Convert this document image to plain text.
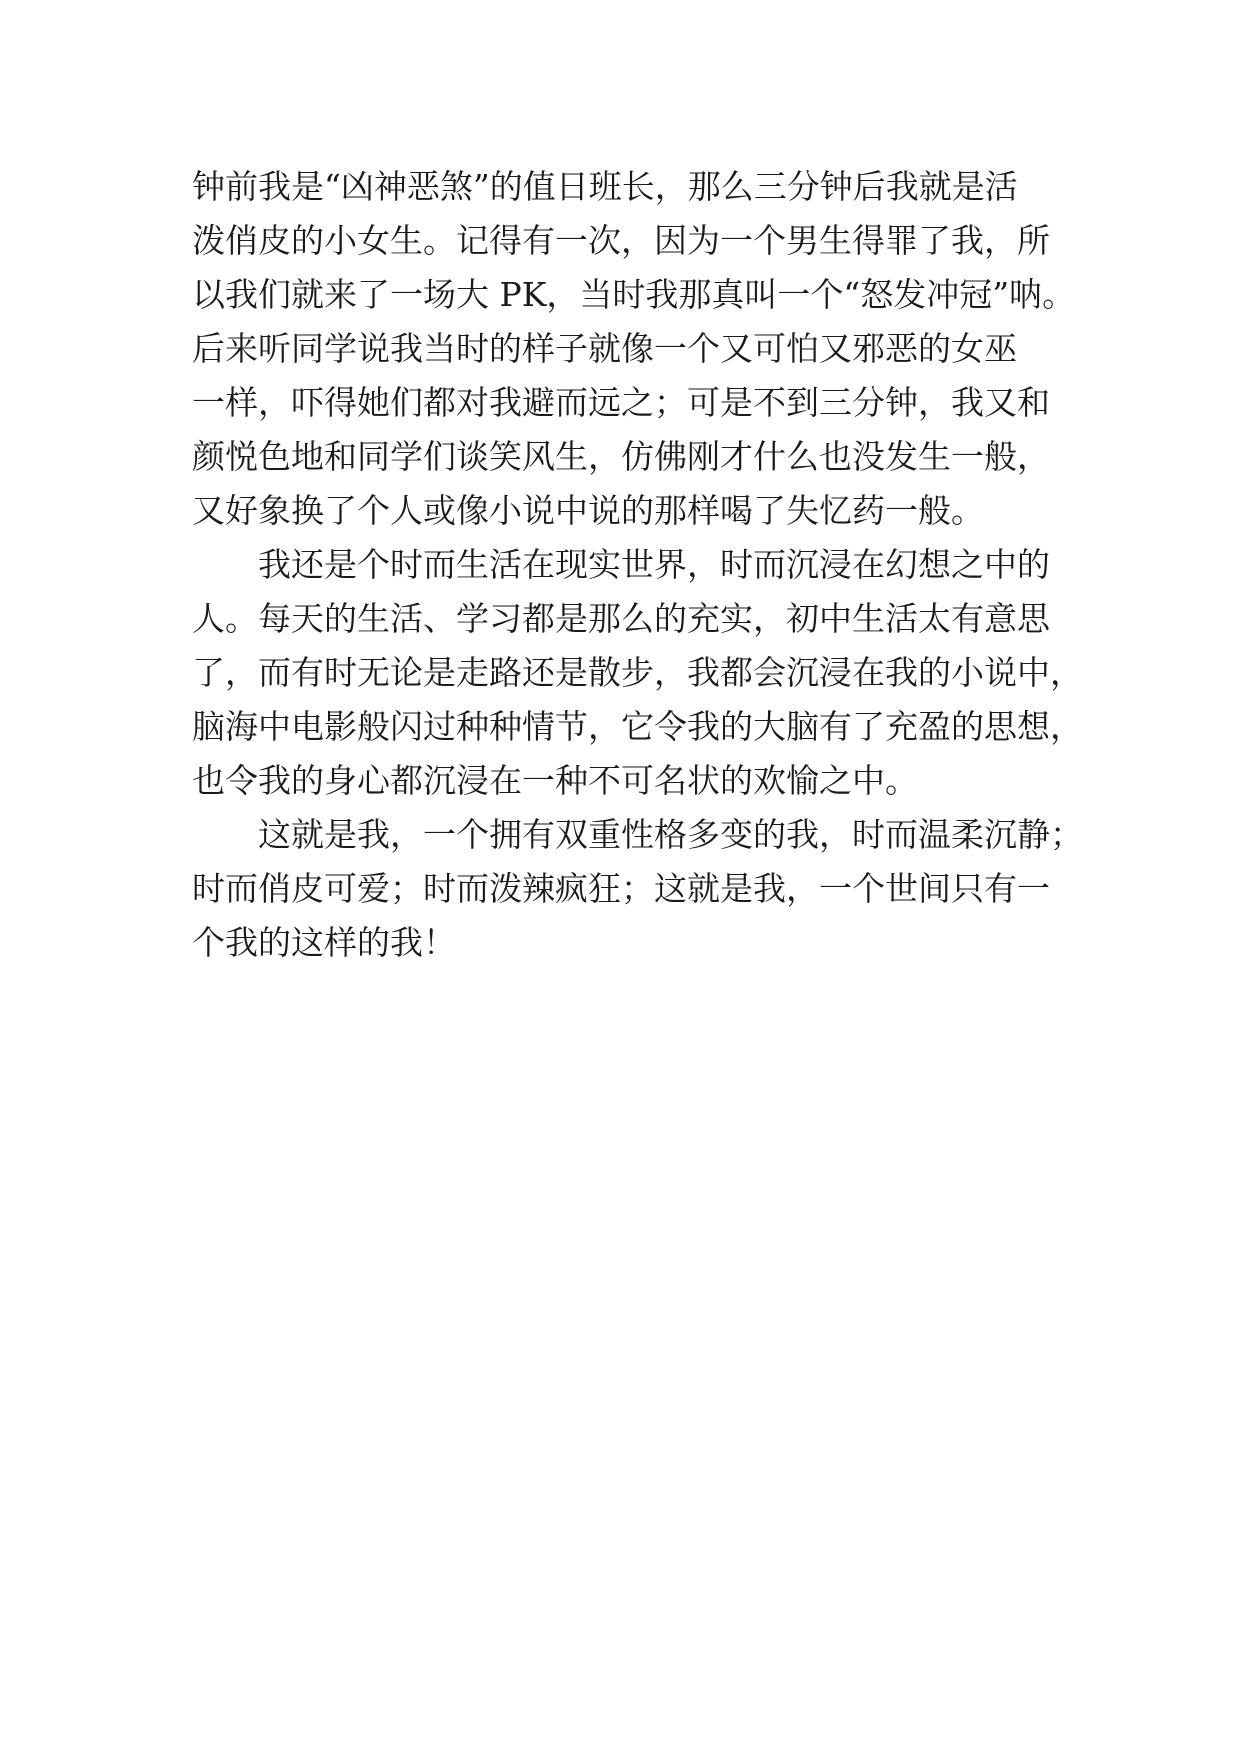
钟前我是“凶神恶煞”的值日班长，那么三分钟后我就是活
泼俏皮的小女生。记得有一次，因为一个男生得罪了我，所
以我们就来了一场大 PK，当时我那真叫一个“怒发冲冠”呐。
后来听同学说我当时的样子就像一个又可怕又邪恶的女巫
一样，吓得她们都对我避而远之；可是不到三分钟，我又和
颜悦色地和同学们谈笑风生，仿佛刚才什么也没发生一般，
又好象换了个人或像小说中说的那样喝了失忆药一般。
我还是个时而生活在现实世界，时而沉浸在幻想之中的
人。每天的生活、学习都是那么的充实，初中生活太有意思
了，而有时无论是走路还是散步，我都会沉浸在我的小说中，
脑海中电影般闪过种种情节，它令我的大脑有了充盈的思想，
也令我的身心都沉浸在一种不可名状的欢愉之中。
这就是我，一个拥有双重性格多变的我，时而温柔沉静；
时而俏皮可爱；时而泼辣疯狂；这就是我，一个世间只有一
个我的这样的我！
